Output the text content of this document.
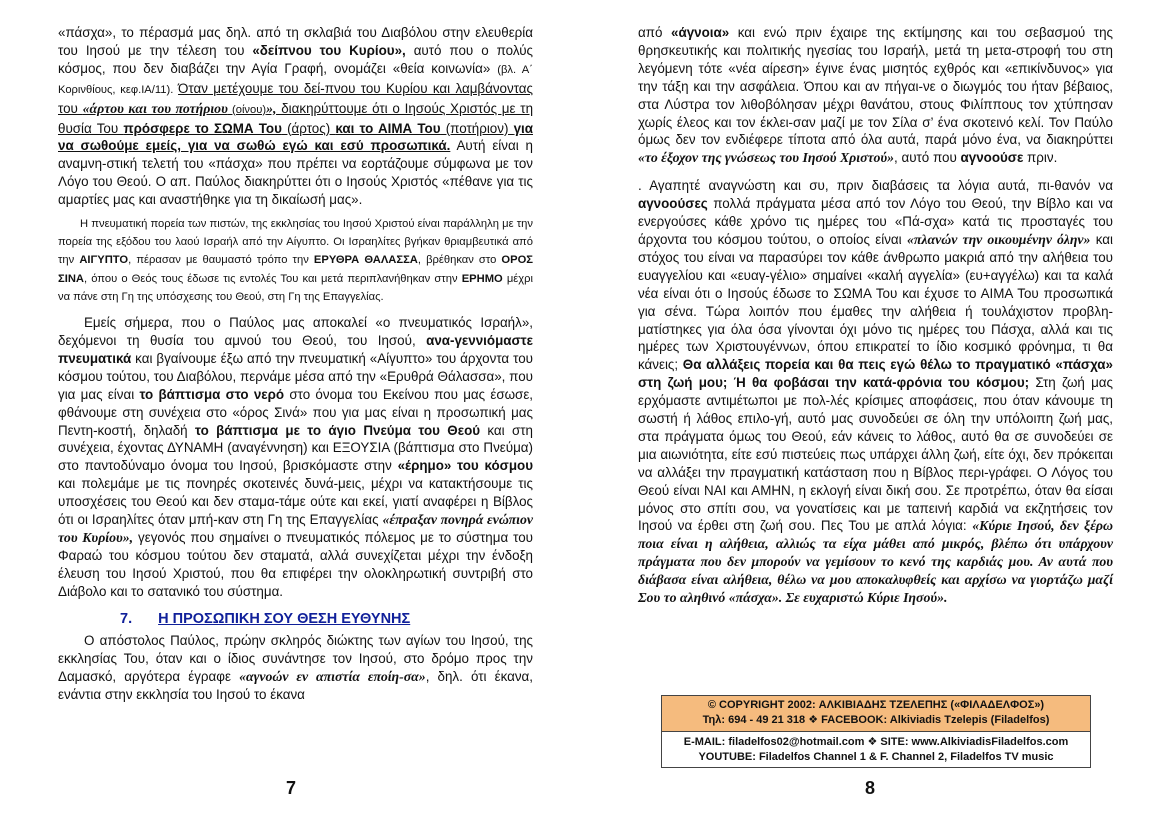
«πάσχα», το πέρασμά μας δηλ. από τη σκλαβιά του Διαβόλου στην ελευθερία του Ιησού με την τέλεση του «δείπνου του Κυρίου», αυτό που ο πολύς κόσμος, που δεν διαβάζει την Αγία Γραφή, ονομάζει «θεία κοινωνία» (βλ. Α΄ Κορινθίους, κεφ.ΙΑ/11). Όταν μετέχουμε του δεί-πνου του Κυρίου και λαμβάνοντας του «άρτου και του ποτήριου (οίνου)», διακηρύττουμε ότι ο Ιησούς Χριστός με τη θυσία Του πρόσφερε το ΣΩΜΑ Του (άρτος) και το ΑΙΜΑ Του (ποτήριον) για να σωθούμε εμείς, για να σωθώ εγώ και εσύ προσωπικά. Αυτή είναι η αναμνη-στική τελετή του «πάσχα» που πρέπει να εορτάζουμε σύμφωνα με τον Λόγο του Θεού. Ο απ. Παύλος διακηρύττει ότι ο Ιησούς Χριστός «πέθανε για τις αμαρτίες μας και αναστήθηκε για τη δικαίωσή μας».

Η πνευματική πορεία των πιστών, της εκκλησίας του Ιησού Χριστού είναι παράλληλη με την πορεία της εξόδου του λαού Ισραήλ από την Αίγυπτο. Οι Ισραηλίτες βγήκαν θριαμβευτικά από την ΑΙΓΥΠΤΟ, πέρασαν με θαυμαστό τρόπο την ΕΡΥΘΡΑ ΘΑΛΑΣΣΑ, βρέθηκαν στο ΟΡΟΣ ΣΙΝΑ, όπου ο Θεός τους έδωσε τις εντολές Του και μετά περιπλανήθηκαν στην ΕΡΗΜΟ μέχρι να πάνε στη Γη της υπόσχεσης του Θεού, στη Γη της Επαγγελίας.

Εμείς σήμερα, που ο Παύλος μας αποκαλεί «ο πνευματικός Ισραήλ», δεχόμενοι τη θυσία του αμνού του Θεού, του Ιησού, ανα-γεννιόμαστε πνευματικά και βγαίνουμε έξω από την πνευματική «Αίγυπτο» του άρχοντα του κόσμου τούτου, του Διαβόλου, περνάμε μέσα από την «Ερυθρά Θάλασσα», που για μας είναι το βάπτισμα στο νερό στο όνομα του Εκείνου που μας έσωσε, φθάνουμε στη συνέχεια στο «όρος Σινά» που για μας είναι η προσωπική μας Πεντη-κοστή, δηλαδή το βάπτισμα με το άγιο Πνεύμα του Θεού και στη συνέχεια, έχοντας ΔΥΝΑΜΗ (αναγέννηση) και ΕΞΟΥΣΙΑ (βάπτισμα στο Πνεύμα) στο παντοδύναμο όνομα του Ιησού, βρισκόμαστε στην «έρημο» του κόσμου και πολεμάμε με τις πονηρές σκοτεινές δυνά-μεις, μέχρι να κατακτήσουμε τις υποσχέσεις του Θεού και δεν σταμα-τάμε ούτε και εκεί, γιατί αναφέρει η Βίβλος ότι οι Ισραηλίτες όταν μπή-καν στη Γη της Επαγγελίας «έπραξαν πονηρά ενώπιον του Κυρίου», γεγονός που σημαίνει ο πνευματικός πόλεμος με το σύστημα του Φαραώ του κόσμου τούτου δεν σταματά, αλλά συνεχίζεται μέχρι την ένδοξη έλευση του Ιησού Χριστού, που θα επιφέρει την ολοκληρωτική συντριβή στο Διάβολο και το σατανικό του σύστημα.

7. Η ΠΡΟΣΩΠΙΚΗ ΣΟΥ ΘΕΣΗ ΕΥΘΥΝΗΣ

Ο απόστολος Παύλος, πρώην σκληρός διώκτης των αγίων του Ιησού, της εκκλησίας Του, όταν και ο ίδιος συνάντησε τον Ιησού, στο δρόμο προς την Δαμασκό, αργότερα έγραφε «αγνοών εν απιστία εποίη-σα», δηλ. ότι έκανα, ενάντια στην εκκλησία του Ιησού το έκανα

7

από «άγνοια» και ενώ πριν έχαιρε της εκτίμησης και του σεβασμού της θρησκευτικής και πολιτικής ηγεσίας του Ισραήλ, μετά τη μετα-στροφή του στη λεγόμενη τότε «νέα αίρεση» έγινε ένας μισητός εχθρός και «επικίνδυνος» για την τάξη και την ασφάλεια. Όπου και αν πήγαι-νε ο διωγμός του ήταν βέβαιος, στα Λύστρα τον λιθοβόλησαν μέχρι θανάτου, στους Φιλίππους τον χτύπησαν χωρίς έλεος και τον έκλει-σαν μαζί με τον Σίλα σ’ ένα σκοτεινό κελί. Τον Παύλο όμως δεν τον ενδιέφερε τίποτα από όλα αυτά, παρά μόνο ένα, να διακηρύττει «το έξοχον της γνώσεως του Ιησού Χριστού», αυτό που αγνοούσε πριν.

. Αγαπητέ αναγνώστη και συ, πριν διαβάσεις τα λόγια αυτά, πι-θανόν να αγνοούσες πολλά πράγματα μέσα από τον Λόγο του Θεού, την Βίβλο και να ενεργούσες κάθε χρόνο τις ημέρες του «Πά-σχα» κατά τις προσταγές του άρχοντα του κόσμου τούτου, ο οποίος είναι «πλανών την οικουμένην όλην» και στόχος του είναι να παρασύρει τον κάθε άνθρωπο μακριά από την αλήθεια του ευαγγελίου και «ευαγ-γέλιο» σημαίνει «καλή αγγελία» (ευ+αγγέλω) και τα καλά νέα είναι ότι ο Ιησούς έδωσε το ΣΩΜΑ Του και έχυσε το ΑΙΜΑ Του προσωπικά για σένα. Τώρα λοιπόν που έμαθες την αλήθεια ή τουλάχιστον προβλη-ματίστηκες για όλα όσα γίνονται όχι μόνο τις ημέρες του Πάσχα, αλλά και τις ημέρες των Χριστουγέννων, όπου επικρατεί το ίδιο κοσμικό φρόνημα, τι θα κάνεις; Θα αλλάξεις πορεία και θα πεις εγώ θέλω το πραγματικό «πάσχα» στη ζωή μου; Ή θα φοβάσαι την κατά-φρόνια του κόσμου; Στη ζωή μας ερχόμαστε αντιμέτωποι με πολ-λές κρίσιμες αποφάσεις, που όταν κάνουμε τη σωστή ή λάθος επιλο-γή, αυτό μας συνοδεύει σε όλη την υπόλοιπη ζωή μας, στα πράγματα όμως του Θεού, εάν κάνεις το λάθος, αυτό θα σε συνοδεύει σε μια αιωνιότητα, είτε εσύ πιστεύεις πως υπάρχει άλλη ζωή, είτε όχι, δεν πρόκειται να αλλάξει την πραγματική κατάσταση που η Βίβλος περι-γράφει. Ο Λόγος του Θεού είναι ΝΑΙ και ΑΜΗΝ, η εκλογή είναι δική σου. Σε προτρέπω, όταν θα είσαι μόνος στο σπίτι σου, να γονατίσεις και με ταπεινή καρδιά να εκζητήσεις τον Ιησού να έρθει στη ζωή σου. Πες Του με απλά λόγια: «Κύριε Ιησού, δεν ξέρω ποια είναι η αλήθεια, αλλιώς τα είχα μάθει από μικρός, βλέπω ότι υπάρχουν πράγματα που δεν μπορούν να γεμίσουν το κενό της καρδιάς μου. Αν αυτά που διάβασα είναι αλήθεια, θέλω να μου αποκαλυφθείς και αρχίσω να γιορτάζω μαζί Σου το αληθινό «πάσχα». Σε ευχαριστώ Κύριε Ιησού».

© COPYRIGHT 2002: ΑΛΚΙΒΙΑΔΗΣ ΤΖΕΛΕΠΗΣ («ΦΙΛΑΔΕΛΦΟΣ»)
Τηλ: 694 - 49 21 318 ❖ FACEBOOK: Alkiviadis Tzelepis (Filadelfos)
E-MAIL: filadelfos02@hotmail.com ❖ SITE: www.AlkiviadisFiladelfos.com
YOUTUBE: Filadelfos Channel 1 & F. Channel 2, Filadelfos TV music
8
